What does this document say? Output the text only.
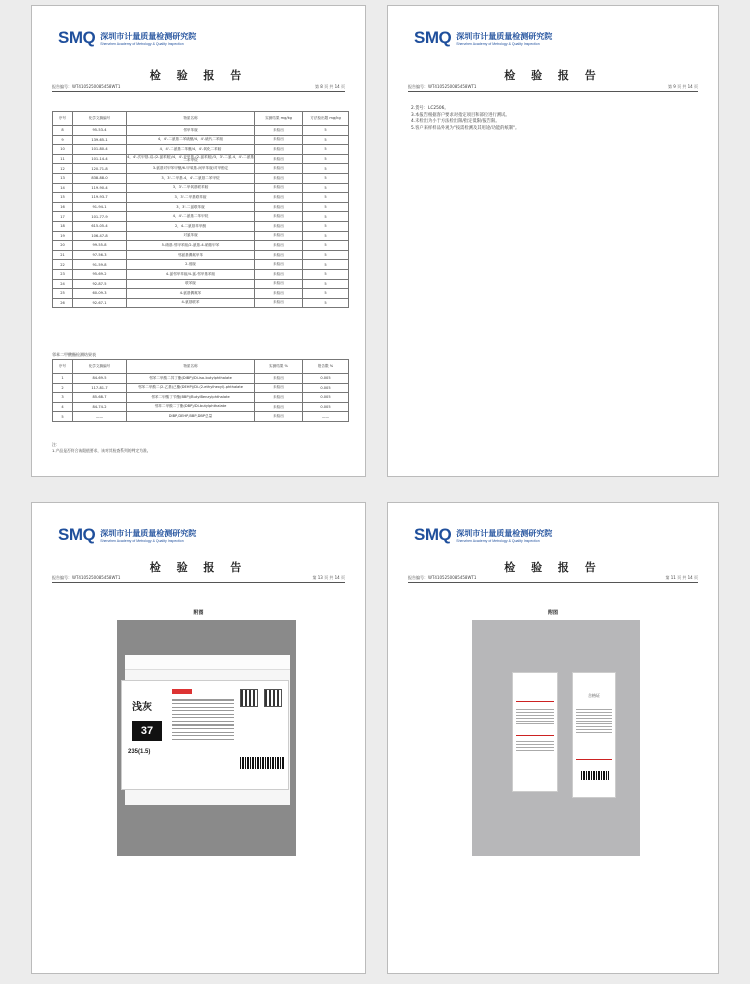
SMQ 深圳市计量质量检测研究院
Shenzhen Academy of Metrology & Quality Inspection
检 验 报 告
报告编号：WT4105250085458WT1	第 8 页 共 14 页
序号	化学文摘编号	物质名称	实测结果 mg/kg	方法检出限 mg/kg
8	95-53-4	邻甲苯胺	未检出	5
9	139-65-1	4，4'-二氨基二苯硫醚/4，4'-硫代二苯胺	未检出	5
10	101-80-4	4，4'-二氨基二苯醚/4，4'-氧化二苯胺	未检出	5
11	101-14-4	4，4'-次甲基-双-(2-氯苯胺)/4，4'-亚甲基-(2-氯苯胺)/3，3'-二氯-4，4'-二氨基二苯甲烷	未检出	5
12	120-71-8	3-氨基对甲苯甲醚/6-甲氧基-间甲苯胺/对甲酚定	未检出	5
13	838-88-0	3，3'-二甲基-4，4'-二氨基二苯甲烷	未检出	5
14	119-90-4	3，3'-二甲氧基联苯胺	未检出	5
15	119-93-7	3，3'-二甲基联苯胺	未检出	5
16	91-94-1	3，3'-二氯联苯胺	未检出	5
17	101-77-9	4，4'-二氨基二苯甲烷	未检出	5
18	615-05-4	2，4-二氨基苯甲醚	未检出	5
19	106-47-8	对氯苯胺	未检出	5
20	99-55-8	5-硝基-邻甲苯胺/2-氨基-4-硝基甲苯	未检出	5
21	97-56-3	邻氨基偶氮甲苯	未检出	5
22	91-59-8	2-萘胺	未检出	5
23	95-69-2	4-氯邻甲苯胺/4-氯-邻甲基苯胺	未检出	5
24	92-87-5	联苯胺	未检出	5
25	60-09-3	4-氨基偶氮苯	未检出	5
26	92-67-1	4-氨基联苯	未检出	5
邻苯二甲酸酯检测结果表
序号	化学文摘编号	物质名称	实测结果 %	报告限 %
1	84-69-5	邻苯二甲酸二异丁酯(DIBP)/Di-iso-butylphthalate	未检出	0.005
2	117-81-7	邻苯二甲酸二(2-乙基)己酯(DEHP)/Di-(2-ethylhexyl)-phthalate	未检出	0.005
3	85-68-7	邻苯二甲酸丁苄酯(BBP)/ButylBenzylphthalate	未检出	0.005
4	84-74-2	邻苯二甲酸二丁酯(DBP)/Di-butylphthalate	未检出	0.005
5	——	DIBP,DEHP,BBP,DBP总量	未检出	——
注：
1.产品是否符合该限值要求，该对其检查系列的判定为准。
SMQ 深圳市计量质量检测研究院
Shenzhen Academy of Metrology & Quality Inspection
检 验 报 告
报告编号：WT4105250085458WT1	第 9 页 共 14 页
2.货号：LC2506。
3.本报告根据客户要求对指定项目和部位进行测试。
4.未检出为小于方法检出限/指定低限/报告限。
5.客户来样样品外观为"按需检测及其用途/功能的纸制"。
SMQ 深圳市计量质量检测研究院
Shenzhen Academy of Metrology & Quality Inspection
检 验 报 告
报告编号：WT4105250085458WT1	第 13 页 共 14 页
附图
浅灰
37
235(1.5)
SMQ 深圳市计量质量检测研究院
Shenzhen Academy of Metrology & Quality Inspection
检 验 报 告
报告编号：WT4105250085458WT1	第 11 页 共 14 页
附图
合格证
